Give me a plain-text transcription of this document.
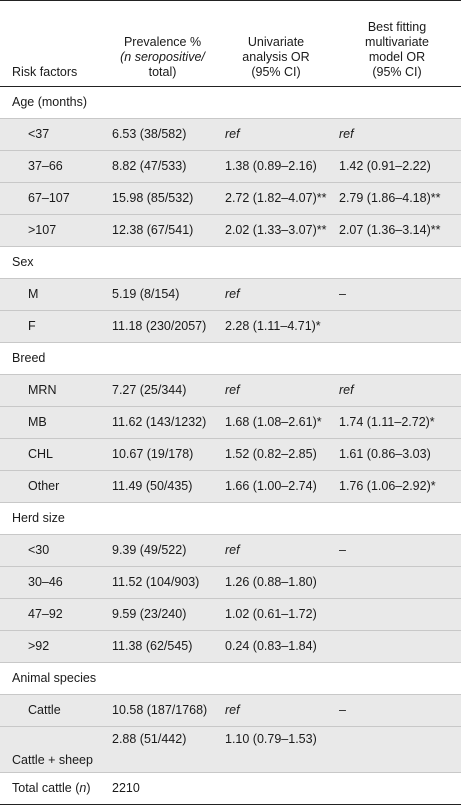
Risk factors	Prevalence %
(n seropositive/
total)	Univariate
analysis OR
(95% CI)	Best fitting
multivariate
model OR
(95% CI)

Age (months)			
<37	6.53 (38/582)	ref	ref
37–66	8.82 (47/533)	1.38 (0.89–2.16)	1.42 (0.91–2.22)
67–107	15.98 (85/532)	2.72 (1.82–4.07)**	2.79 (1.86–4.18)**
>107	12.38 (67/541)	2.02 (1.33–3.07)**	2.07 (1.36–3.14)**
Sex			
M	5.19 (8/154)	ref	–
F	11.18 (230/2057)	2.28 (1.11–4.71)*	
Breed			
MRN	7.27 (25/344)	ref	ref
MB	11.62 (143/1232)	1.68 (1.08–2.61)*	1.74 (1.11–2.72)*
CHL	10.67 (19/178)	1.52 (0.82–2.85)	1.61 (0.86–3.03)
Other	11.49 (50/435)	1.66 (1.00–2.74)	1.76 (1.06–2.92)*
Herd size			
<30	9.39 (49/522)	ref	–
30–46	11.52 (104/903)	1.26 (0.88–1.80)	
47–92	9.59 (23/240)	1.02 (0.61–1.72)	
>92	11.38 (62/545)	0.24 (0.83–1.84)	
Animal species			
Cattle	10.58 (187/1768)	ref	–
Cattle + sheep	2.88 (51/442)	1.10 (0.79–1.53)	
Total cattle (n)	2210		
